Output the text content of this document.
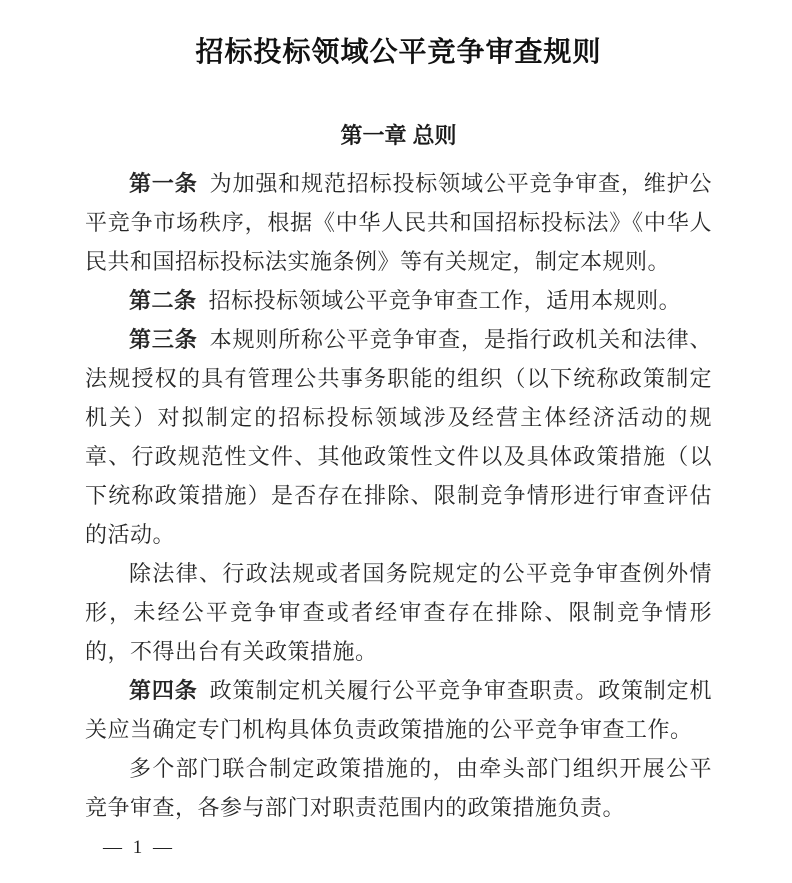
招标投标领域公平竞争审查规则
第一章 总则

第一条 为加强和规范招标投标领域公平竞争审查，维护公平竞争市场秩序，根据《中华人民共和国招标投标法》《中华人民共和国招标投标法实施条例》等有关规定，制定本规则。

第二条 招标投标领域公平竞争审查工作，适用本规则。

第三条 本规则所称公平竞争审查，是指行政机关和法律、法规授权的具有管理公共事务职能的组织（以下统称政策制定机关）对拟制定的招标投标领域涉及经营主体经济活动的规章、行政规范性文件、其他政策性文件以及具体政策措施（以下统称政策措施）是否存在排除、限制竞争情形进行审查评估的活动。

除法律、行政法规或者国务院规定的公平竞争审查例外情形，未经公平竞争审查或者经审查存在排除、限制竞争情形的，不得出台有关政策措施。

第四条 政策制定机关履行公平竞争审查职责。政策制定机关应当确定专门机构具体负责政策措施的公平竞争审查工作。

多个部门联合制定政策措施的，由牵头部门组织开展公平竞争审查，各参与部门对职责范围内的政策措施负责。

— 1 —
